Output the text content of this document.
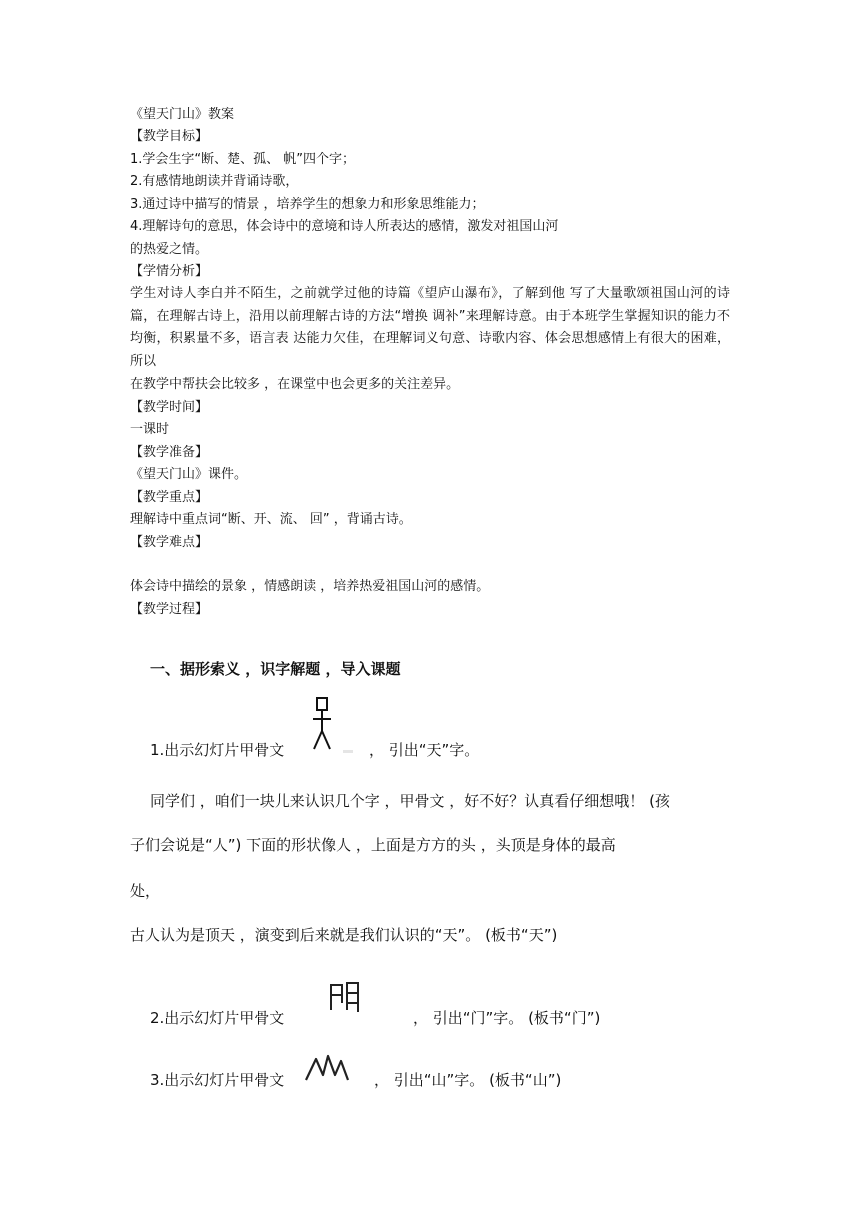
《望天门山》教案
【教学目标】
1.学会生字“断、楚、孤、 帆”四个字；
2.有感情地朗读并背诵诗歌，
3.通过诗中描写的情景 ，培养学生的想象力和形象思维能力；
4.理解诗句的意思，体会诗中的意境和诗人所表达的感情，激发对祖国山河
的热爱之情。
【学情分析】
学生对诗人李白并不陌生，之前就学过他的诗篇《望庐山瀑布》，了解到他 写了大量歌颂祖国山河的诗篇，在理解古诗上，沿用以前理解古诗的方法“增换 调补”来理解诗意。由于本班学生掌握知识的能力不均衡，积累量不多，语言表 达能力欠佳，在理解词义句意、诗歌内容、体会思想感情上有很大的困难，所以
在教学中帮扶会比较多 ，在课堂中也会更多的关注差异。
【教学时间】
一课时
【教学准备】
《望天门山》课件。
【教学重点】
理解诗中重点词“断、开、流、 回” ，背诵古诗。
【教学难点】
体会诗中描绘的景象 ，情感朗读 ，培养热爱祖国山河的感情。
【教学过程】
一、据形索义 ，识字解题 ，导入课题
1.出示幻灯片甲骨文	， 引出“天”字。
同学们 ，咱们一块儿来认识几个字 ，甲骨文 ，好不好？认真看仔细想哦！ (孩
子们会说是“人”) 下面的形状像人 ，上面是方方的头 ，头顶是身体的最高
处，
古人认为是顶天 ，演变到后来就是我们认识的“天”。 (板书“天”)
2.出示幻灯片甲骨文	， 引出“门”字。 (板书“门”)
3.出示幻灯片甲骨文	， 引出“山”字。 (板书“山”)
